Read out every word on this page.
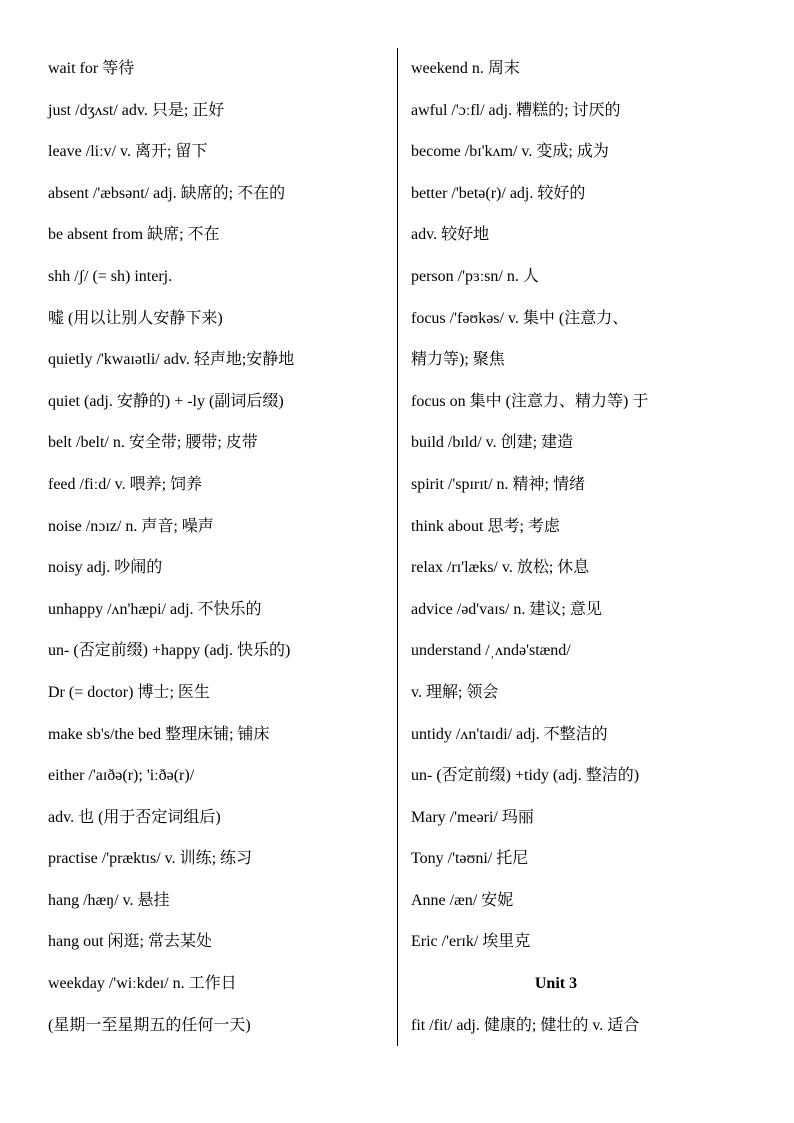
wait for 等待
just /dʒʌst/ adv. 只是; 正好
leave /liːv/ v. 离开; 留下
absent /'æbsənt/ adj. 缺席的; 不在的
be absent from 缺席; 不在
shh /ʃ/ (= sh) interj.
嘘 (用以让别人安静下来)
quietly /'kwaɪətli/ adv. 轻声地;安静地
quiet (adj. 安静的) + -ly (副词后缀)
belt /belt/ n. 安全带; 腰带; 皮带
feed /fiːd/ v. 喂养; 饲养
noise /nɔɪz/ n. 声音; 噪声
noisy adj. 吵闹的
unhappy /ʌn'hæpi/ adj. 不快乐的
un- (否定前缀) +happy (adj. 快乐的)
Dr (= doctor) 博士; 医生
make sb's/the bed 整理床铺; 铺床
either /'aɪðə(r); 'iːðə(r)/
adv. 也 (用于否定词组后)
practise /'præktɪs/ v. 训练; 练习
hang /hæŋ/ v. 悬挂
hang out 闲逛; 常去某处
weekday /'wiːkdeɪ/ n. 工作日
(星期一至星期五的任何一天)
weekend n. 周末
awful /'ɔːfl/ adj. 糟糕的; 讨厌的
become /bɪ'kʌm/ v. 变成; 成为
better /'betə(r)/ adj. 较好的
adv. 较好地
person /'pɜːsn/ n. 人
focus /'fəʊkəs/ v. 集中 (注意力、
精力等); 聚焦
focus on 集中 (注意力、精力等) 于
build /bɪld/ v. 创建; 建造
spirit /'spɪrɪt/ n. 精神; 情绪
think about 思考; 考虑
relax /rɪ'læks/ v. 放松; 休息
advice /əd'vaɪs/ n. 建议; 意见
understand /ˌʌndə'stænd/
v. 理解; 领会
untidy /ʌn'taɪdi/ adj. 不整洁的
un- (否定前缀) +tidy (adj. 整洁的)
Mary /'meəri/ 玛丽
Tony /'təʊni/ 托尼
Anne /æn/ 安妮
Eric /'erɪk/ 埃里克
Unit 3
fit /fit/ adj. 健康的; 健壮的 v. 适合
